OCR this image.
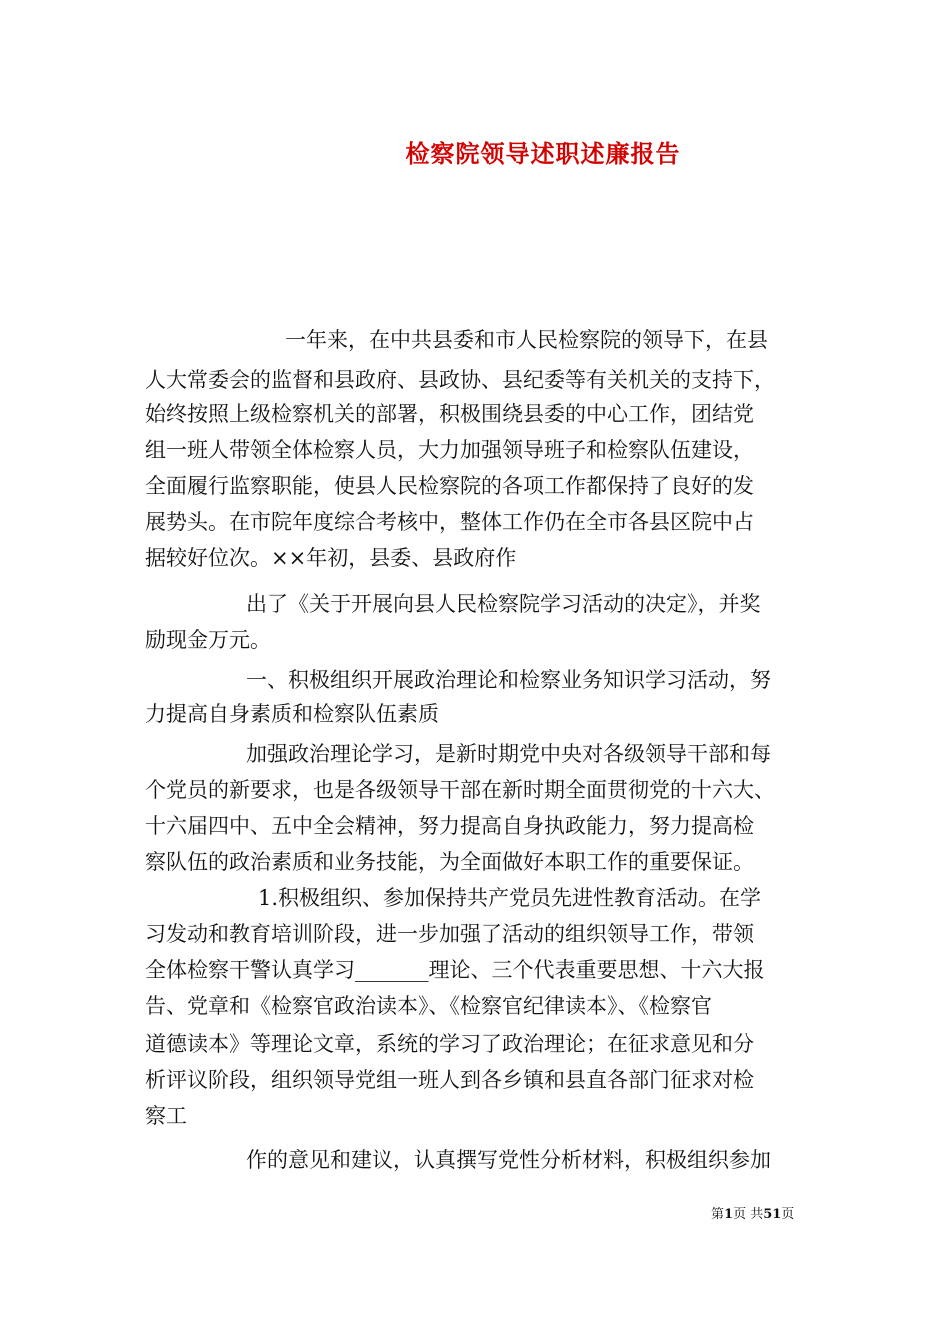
检察院领导述职述廉报告
一年来，在中共县委和市人民检察院的领导下，在县
人大常委会的监督和县政府、县政协、县纪委等有关机关的支持下，
始终按照上级检察机关的部署，积极围绕县委的中心工作，团结党
组一班人带领全体检察人员，大力加强领导班子和检察队伍建设，
全面履行监察职能，使县人民检察院的各项工作都保持了良好的发
展势头。在市院年度综合考核中，整体工作仍在全市各县区院中占
据较好位次。××年初，县委、县政府作
出了《关于开展向县人民检察院学习活动的决定》，并奖
励现金万元。
一、积极组织开展政治理论和检察业务知识学习活动，努
力提高自身素质和检察队伍素质
加强政治理论学习，是新时期党中央对各级领导干部和每
个党员的新要求，也是各级领导干部在新时期全面贯彻党的十六大、
十六届四中、五中全会精神，努力提高自身执政能力，努力提高检
察队伍的政治素质和业务技能，为全面做好本职工作的重要保证。
1.积极组织、参加保持共产党员先进性教育活动。在学
习发动和教育培训阶段，进一步加强了活动的组织领导工作，带领
全体检察干警认真学习_______理论、三个代表重要思想、十六大报
告、党章和《检察官政治读本》、《检察官纪律读本》、《检察官
道德读本》等理论文章，系统的学习了政治理论；在征求意见和分
析评议阶段，组织领导党组一班人到各乡镇和县直各部门征求对检
察工
作的意见和建议，认真撰写党性分析材料，积极组织参加
第1页 共51页
